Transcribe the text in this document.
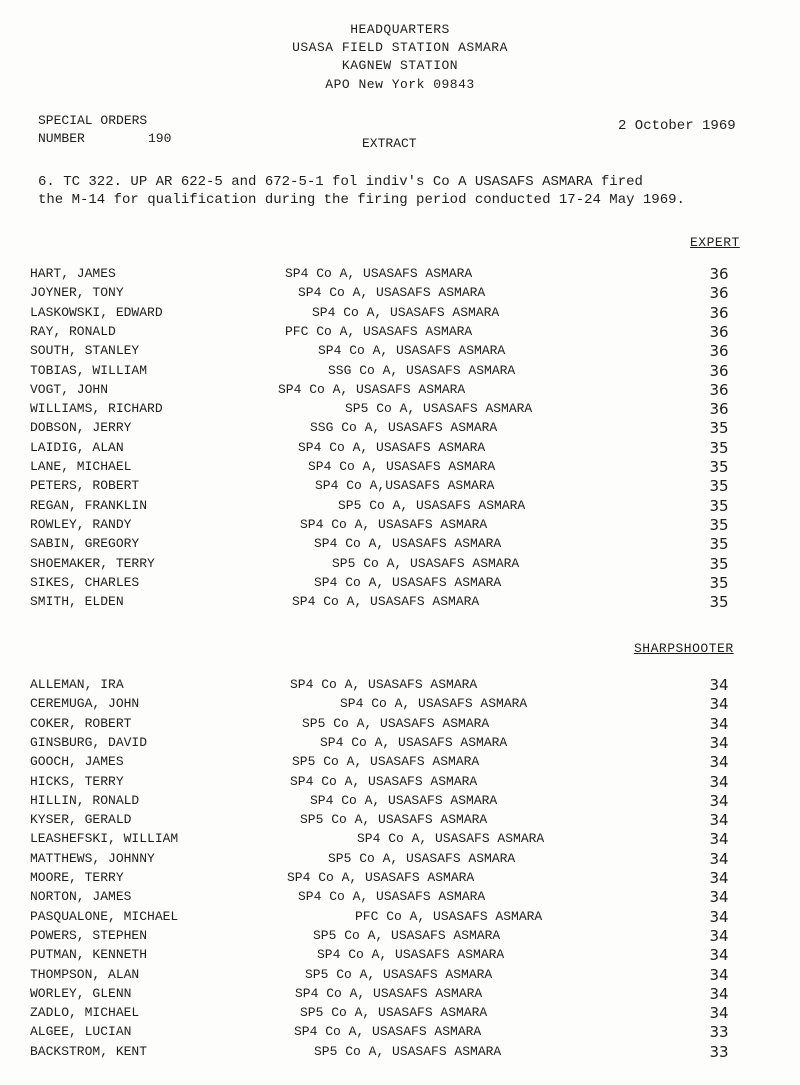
HEADQUARTERS
USASA FIELD STATION ASMARA
KAGNEW STATION
APO New York 09843
SPECIAL ORDERS
NUMBER	190	EXTRACT
2 October 1969
6. TC 322. UP AR 622-5 and 672-5-1 fol indiv's Co A USASAFS ASMARA fired
the M-14 for qualification during the firing period conducted 17-24 May 1969.
EXPERT
HART, JAMES	SP4 Co A, USASAFS ASMARA	36
JOYNER, TONY	SP4 Co A, USASAFS ASMARA	36
LASKOWSKI, EDWARD	SP4 Co A, USASAFS ASMARA	36
RAY, RONALD	PFC Co A, USASAFS ASMARA	36
SOUTH, STANLEY	SP4 Co A, USASAFS ASMARA	36
TOBIAS, WILLIAM	SSG Co A, USASAFS ASMARA	36
VOGT, JOHN	SP4 Co A, USASAFS ASMARA	36
WILLIAMS, RICHARD	SP5 Co A, USASAFS ASMARA	36
DOBSON, JERRY	SSG Co A, USASAFS ASMARA	35
LAIDIG, ALAN	SP4 Co A, USASAFS ASMARA	35
LANE, MICHAEL	SP4 Co A, USASAFS ASMARA	35
PETERS, ROBERT	SP4 Co A,USASAFS ASMARA	35
REGAN, FRANKLIN	SP5 Co A, USASAFS ASMARA	35
ROWLEY, RANDY	SP4 Co A, USASAFS ASMARA	35
SABIN, GREGORY	SP4 Co A, USASAFS ASMARA	35
SHOEMAKER, TERRY	SP5 Co A, USASAFS ASMARA	35
SIKES, CHARLES	SP4 Co A, USASAFS ASMARA	35
SMITH, ELDEN	SP4 Co A, USASAFS ASMARA	35
SHARPSHOOTER
ALLEMAN, IRA	SP4 Co A, USASAFS ASMARA	34
CEREMUGA, JOHN	SP4 Co A, USASAFS ASMARA	34
COKER, ROBERT	SP5 Co A, USASAFS ASMARA	34
GINSBURG, DAVID	SP4 Co A, USASAFS ASMARA	34
GOOCH, JAMES	SP5 Co A, USASAFS ASMARA	34
HICKS, TERRY	SP4 Co A, USASAFS ASMARA	34
HILLIN, RONALD	SP4 Co A, USASAFS ASMARA	34
KYSER, GERALD	SP5 Co A, USASAFS ASMARA	34
LEASHEFSKI, WILLIAM	SP4 Co A, USASAFS ASMARA	34
MATTHEWS, JOHNNY	SP5 Co A, USASAFS ASMARA	34
MOORE, TERRY	SP4 Co A, USASAFS ASMARA	34
NORTON, JAMES	SP4 Co A, USASAFS ASMARA	34
PASQUALONE, MICHAEL	PFC Co A, USASAFS ASMARA	34
POWERS, STEPHEN	SP5 Co A, USASAFS ASMARA	34
PUTMAN, KENNETH	SP4 Co A, USASAFS ASMARA	34
THOMPSON, ALAN	SP5 Co A, USASAFS ASMARA	34
WORLEY, GLENN	SP4 Co A, USASAFS ASMARA	34
ZADLO, MICHAEL	SP5 Co A, USASAFS ASMARA	34
ALGEE, LUCIAN	SP4 Co A, USASAFS ASMARA	33
BACKSTROM, KENT	SP5 Co A, USASAFS ASMARA	33
